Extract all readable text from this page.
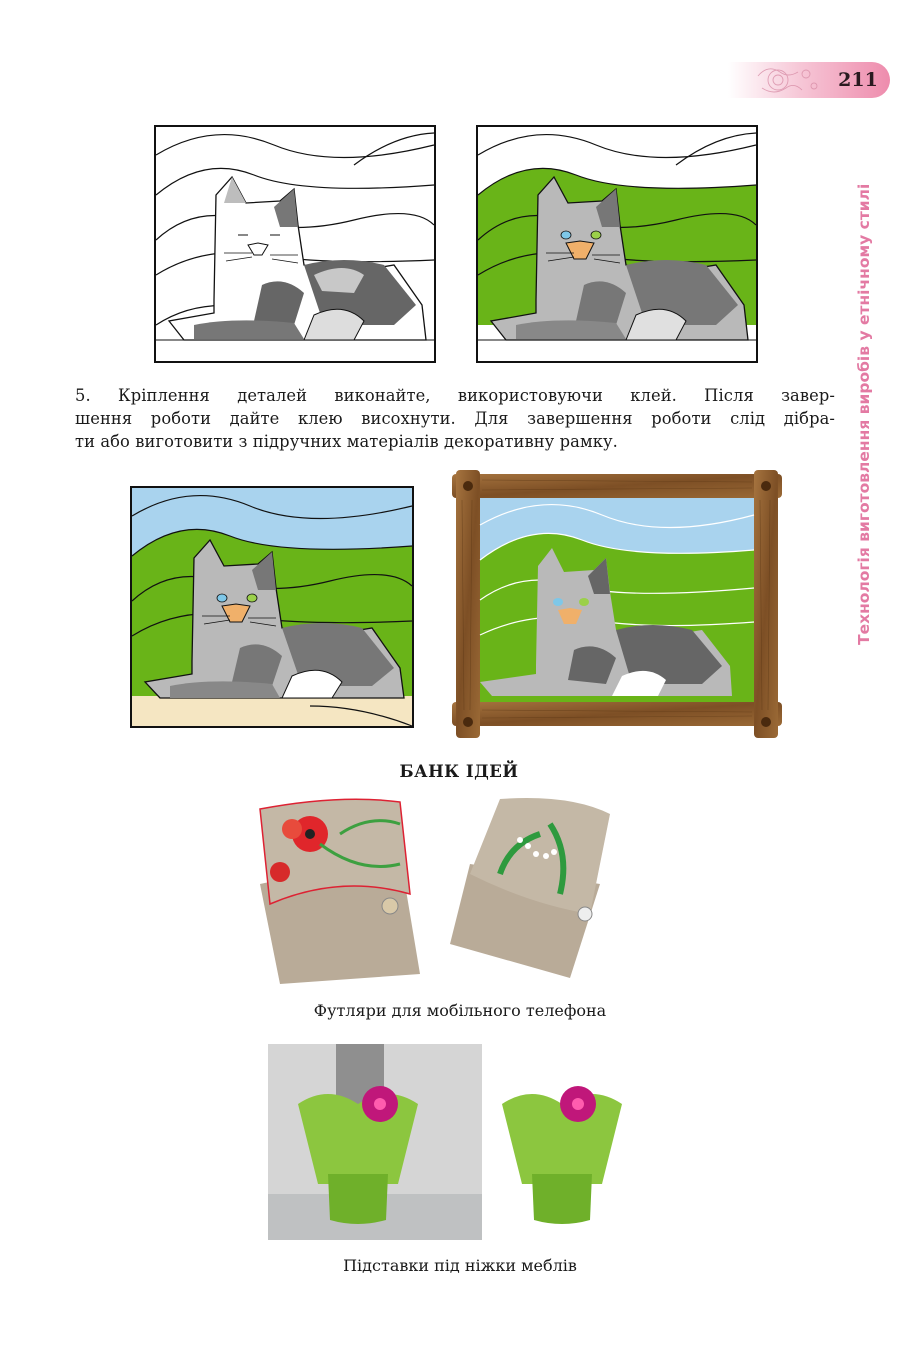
211
Технологія виготовлення виробів у етнічному стилі
5. Кріплення деталей виконайте, використовуючи клей. Після завер-
шення роботи дайте клею висохнути. Для завершення роботи слід дібра-
ти або виготовити з підручних матеріалів декоративну рамку.
БАНК ІДЕЙ
Футляри для мобільного телефона
Підставки під ніжки меблів
